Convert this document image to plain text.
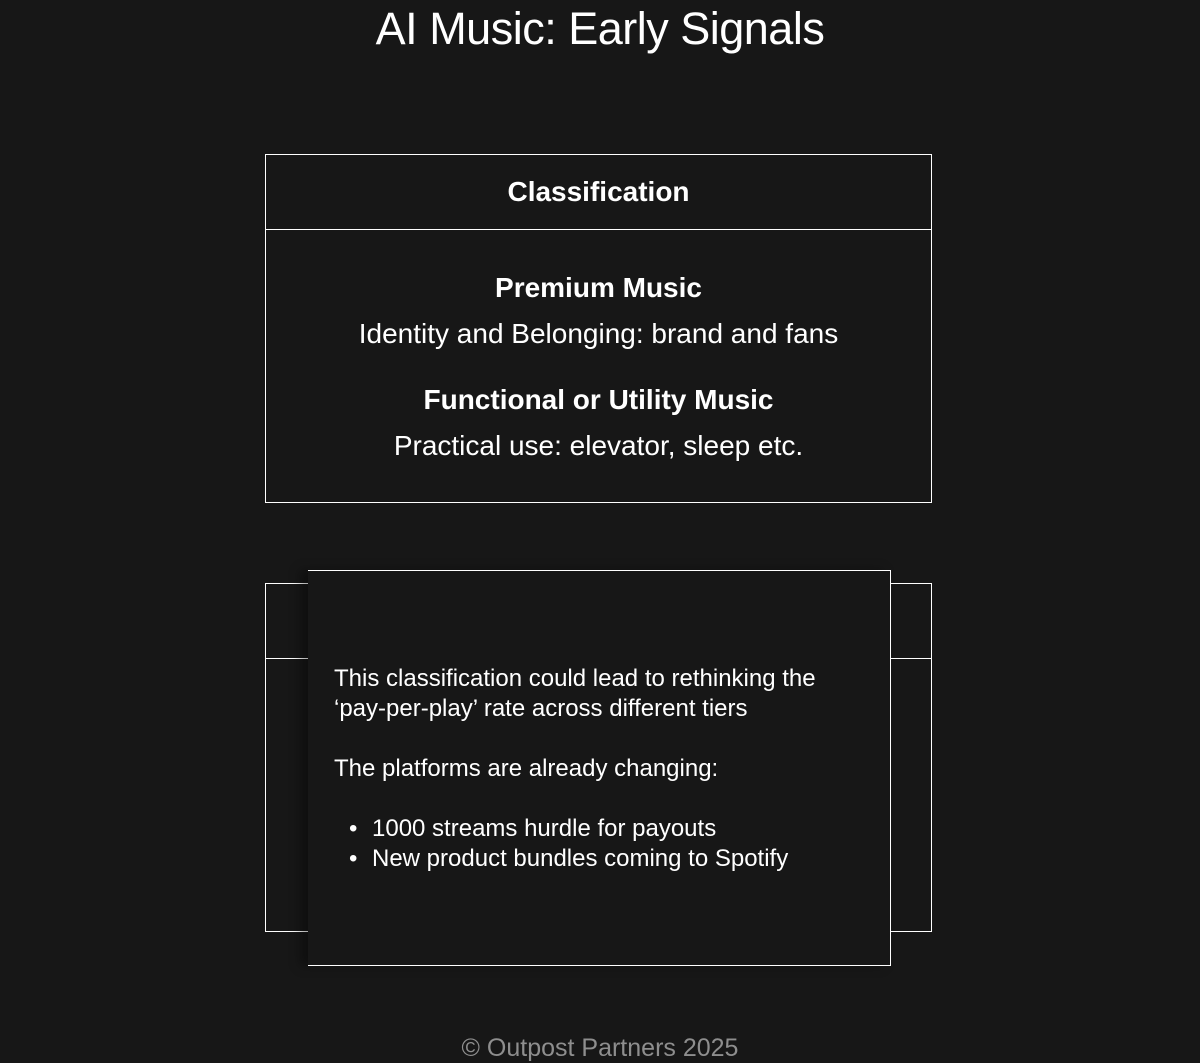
AI Music: Early Signals
Classification
Premium Music
Identity and Belonging: brand and fans
Functional or Utility Music
Practical use: elevator, sleep etc.

This classification could lead to rethinking the
‘pay-per-play’ rate across different tiers

The platforms are already changing:

• 1000 streams hurdle for payouts
• New product bundles coming to Spotify
© Outpost Partners 2025
